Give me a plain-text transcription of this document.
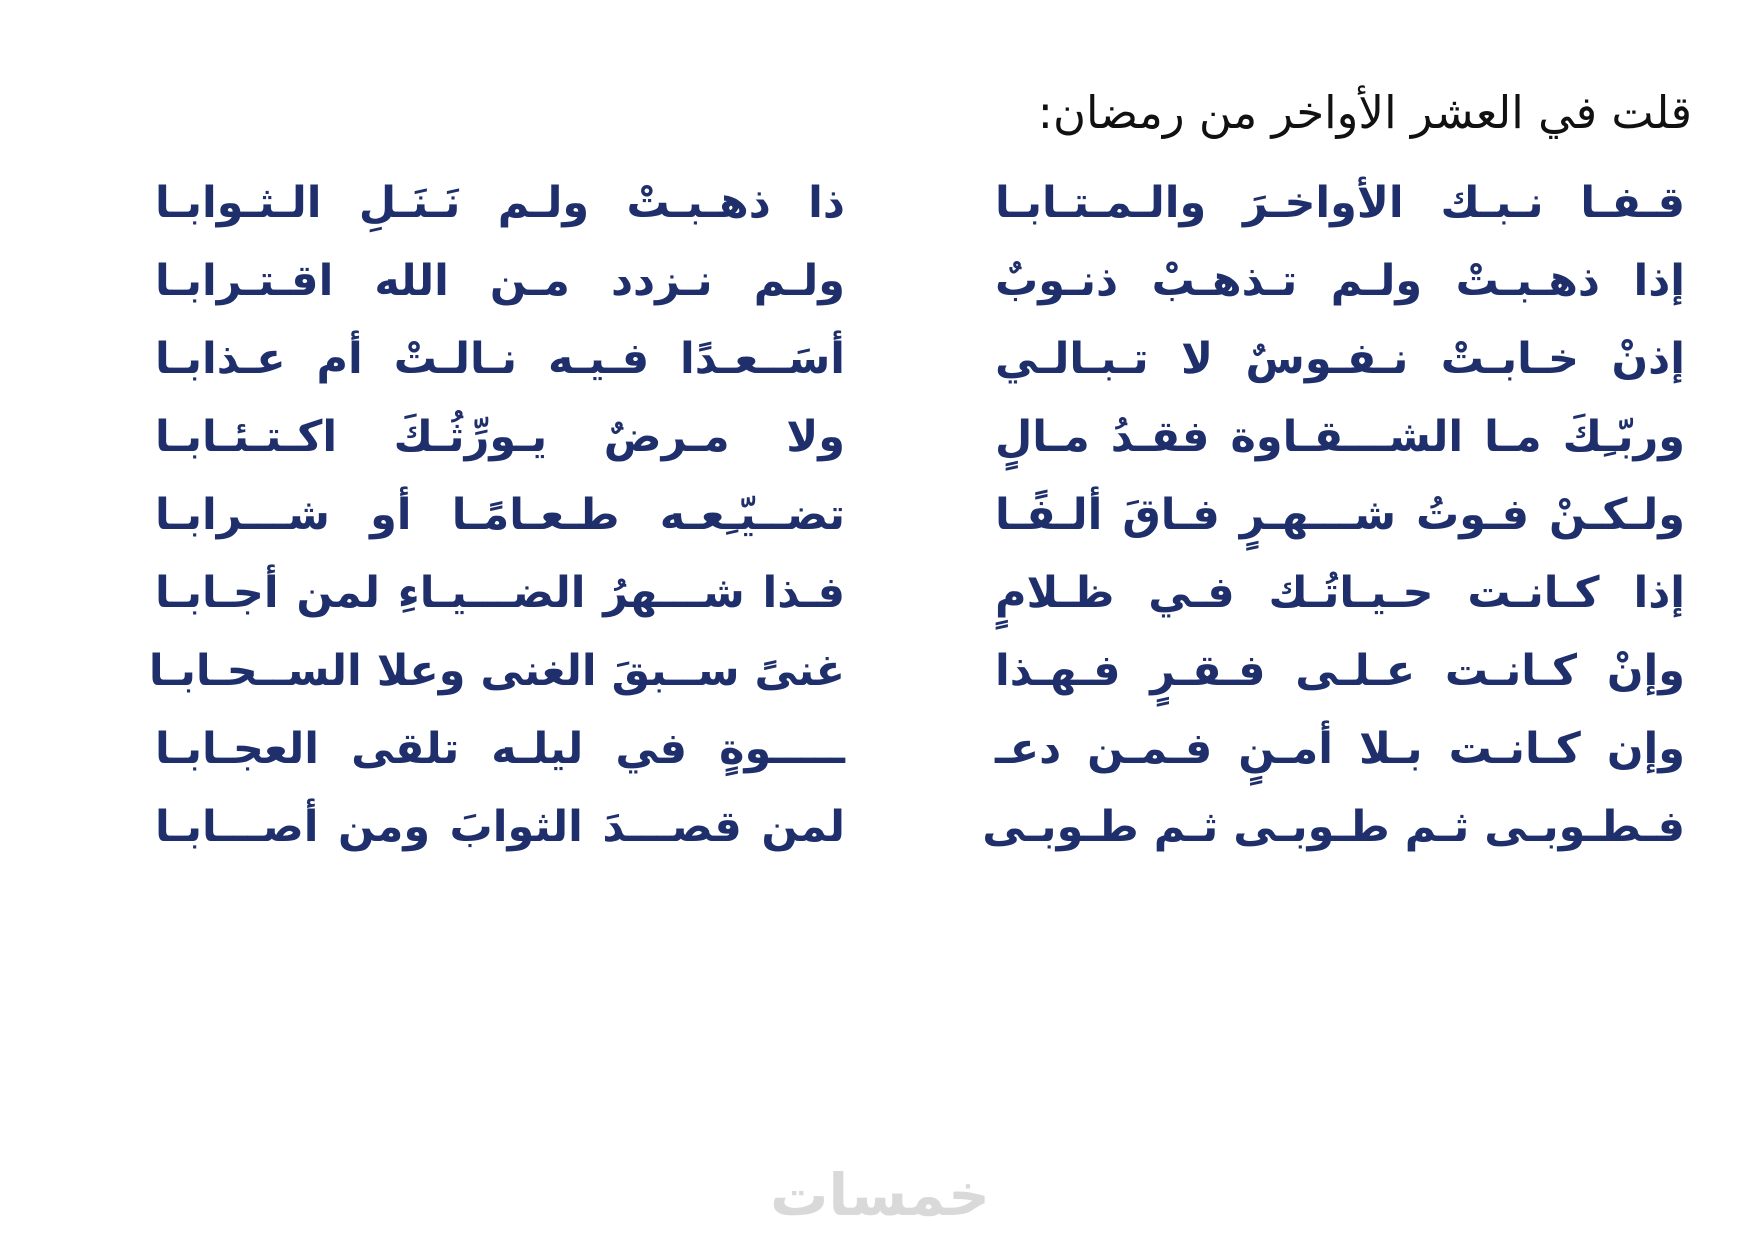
قلت في العشر الأواخر من رمضان:
قـفـا نـبـك الأواخـرَ والـمـتـابـا
إذا ذهـبـتْ ولـم تـذهـبْ ذنـوبٌ
إذنْ خـابـتْ نـفـوسٌ لا تـبـالـي
وربّـِكَ مـا الشـــقـاوة فقـدُ مـالٍ
ولـكـنْ فـوتُ شـــهـرٍ فـاقَ ألـفًـا
إذا كـانـت حـيـاتُـك فـي ظـلامٍ
وإنْ كـانـت عـلـى فـقـرٍ فـهـذا
وإن كـانـت بـلا أمـنٍ فـمـن دعـ
فـطـوبـى ثـم طـوبـى ثـم طـوبـى
ذا ذهـبـتْ ولـم نَـنَـلِ الـثـوابـا
ولـم نـزدد مـن الله اقـتـرابـا
أسَــعـدًا فـيـه نـالـتْ أم عـذابـا
ولا مـرضٌ يـورِّثُـكَ اكـتـئـابـا
تضــيّـِعـه طـعـامًـا أو شـــرابـا
فـذا شـــهرُ الضـــيـاءِ لمن أجـابـا
غنىً ســبقَ الغنى وعلا الســحـابـا
ـــــوةٍ في ليلـه تلقى العجـابـا
لمن قصـــدَ الثوابَ ومن أصـــابـا
خمسات
